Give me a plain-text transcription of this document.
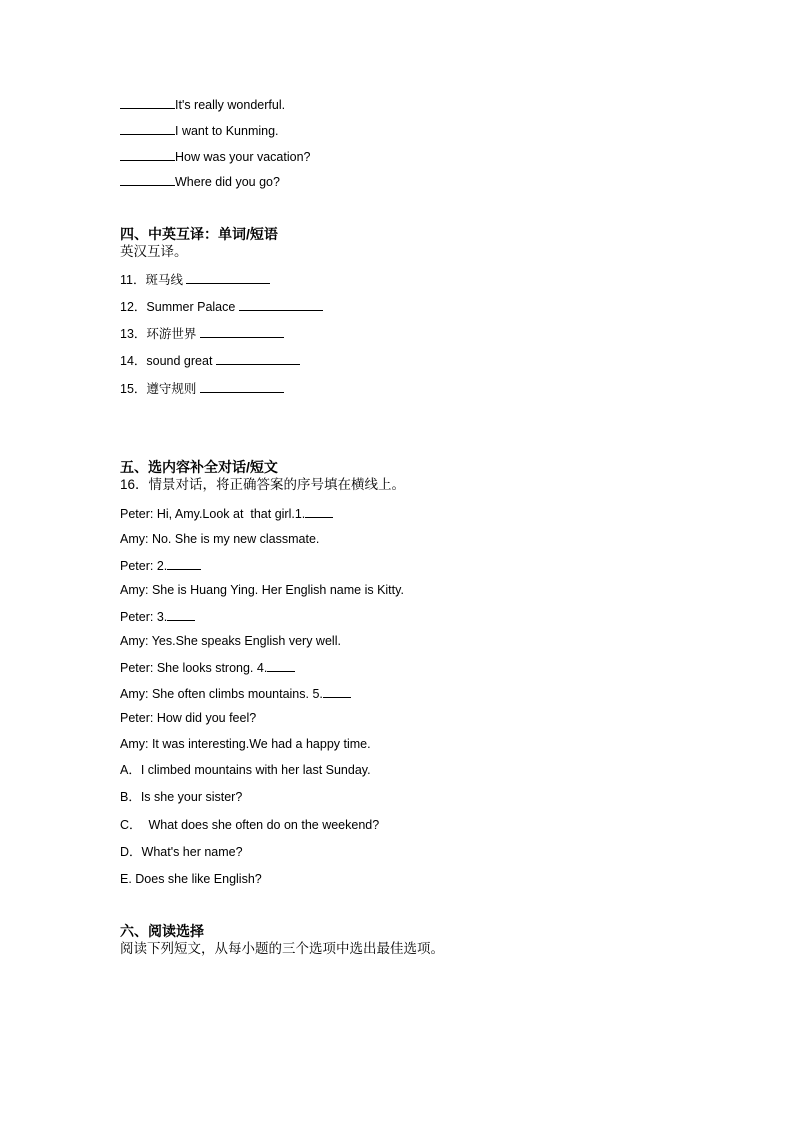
It's really wonderful.
I want to Kunming.
How was your vacation?
Where did you go?
四、中英互译：单词/短语
英汉互译。
11．斑马线
12．Summer Palace
13．环游世界
14．sound great
15．遵守规则
五、选内容补全对话/短文
16．情景对话，将正确答案的序号填在横线上。
Peter: Hi, Amy.Look at  that girl.1.
Amy: No. She is my new classmate.
Peter: 2.
Amy: She is Huang Ying. Her English name is Kitty.
Peter: 3.
Amy: Yes.She speaks English very well.
Peter: She looks strong. 4.
Amy: She often climbs mountains. 5.
Peter: How did you feel?
Amy: It was interesting.We had a happy time.
A．I climbed mountains with her last Sunday.
B．Is she your sister?
C．  What does she often do on the weekend?
D．What's her name?
E. Does she like English?
六、阅读选择
阅读下列短文，从每小题的三个选项中选出最佳选项。
